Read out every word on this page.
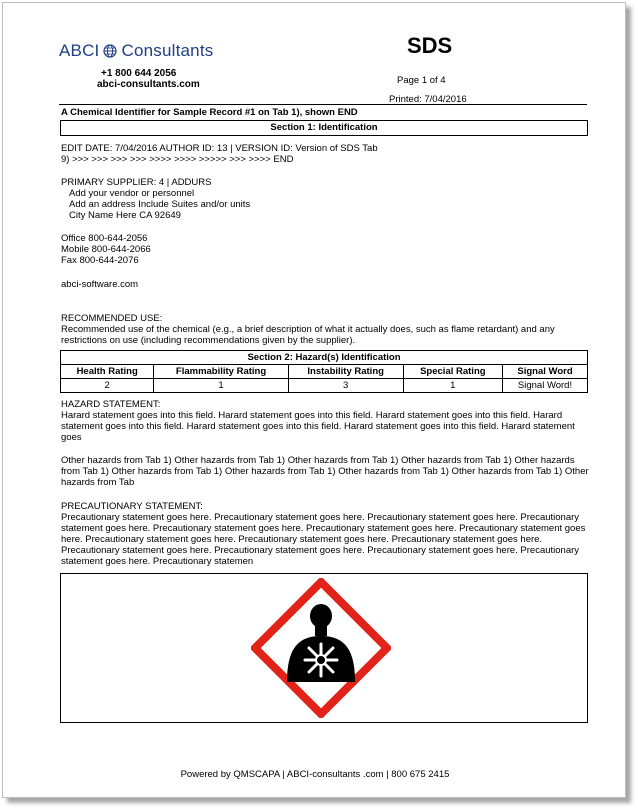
ABCI Consultants
+1 800 644 2056
abci-consultants.com
SDS
Page 1 of 4
Printed: 7/04/2016
A Chemical Identifier for Sample Record #1 on Tab 1), shown END
Section 1: Identification
EDIT DATE: 7/04/2016 AUTHOR ID: 13 | VERSION ID: Version of SDS Tab
9) >>> >>> >>> >>> >>>> >>>> >>>>> >>> >>>> END
PRIMARY SUPPLIER: 4 | ADDURS
Add your vendor or personnel
Add an address Include Suites and/or units
City Name Here CA 92649
Office 800-644-2056
Mobile 800-644-2066
Fax 800-644-2076
abci-software.com
RECOMMENDED USE:
Recommended use of the chemical (e.g., a brief description of what it actually does, such as flame retardant) and any restrictions on use (including recommendations given by the supplier).
Section 2: Hazard(s) Identification				
Health Rating	Flammability Rating	Instability Rating	Special Rating	Signal Word
2	1	3	1	Signal Word!
HAZARD STATEMENT:
Harard statement goes into this field. Harard statement goes into this field. Harard statement goes into this field. Harard statement goes into this field. Harard statement goes into this field. Harard statement goes into this field. Harard statement goes
Other hazards from Tab 1) Other hazards from Tab 1) Other hazards from Tab 1) Other hazards from Tab 1) Other hazards from Tab 1) Other hazards from Tab 1) Other hazards from Tab 1) Other hazards from Tab 1) Other hazards from Tab 1) Other hazards from Tab
PRECAUTIONARY STATEMENT:
Precautionary statement goes here. Precautionary statement goes here. Precautionary statement goes here. Precautionary statement goes here. Precautionary statement goes here. Precautionary statement goes here. Precautionary statement goes here. Precautionary statement goes here. Precautionary statement goes here. Precautionary statement goes here. Precautionary statement goes here. Precautionary statement goes here. Precautionary statement goes here. Precautionary statement goes here. Precautionary statemen
Powered by QMSCAPA | ABCI-consultants .com | 800 675 2415
